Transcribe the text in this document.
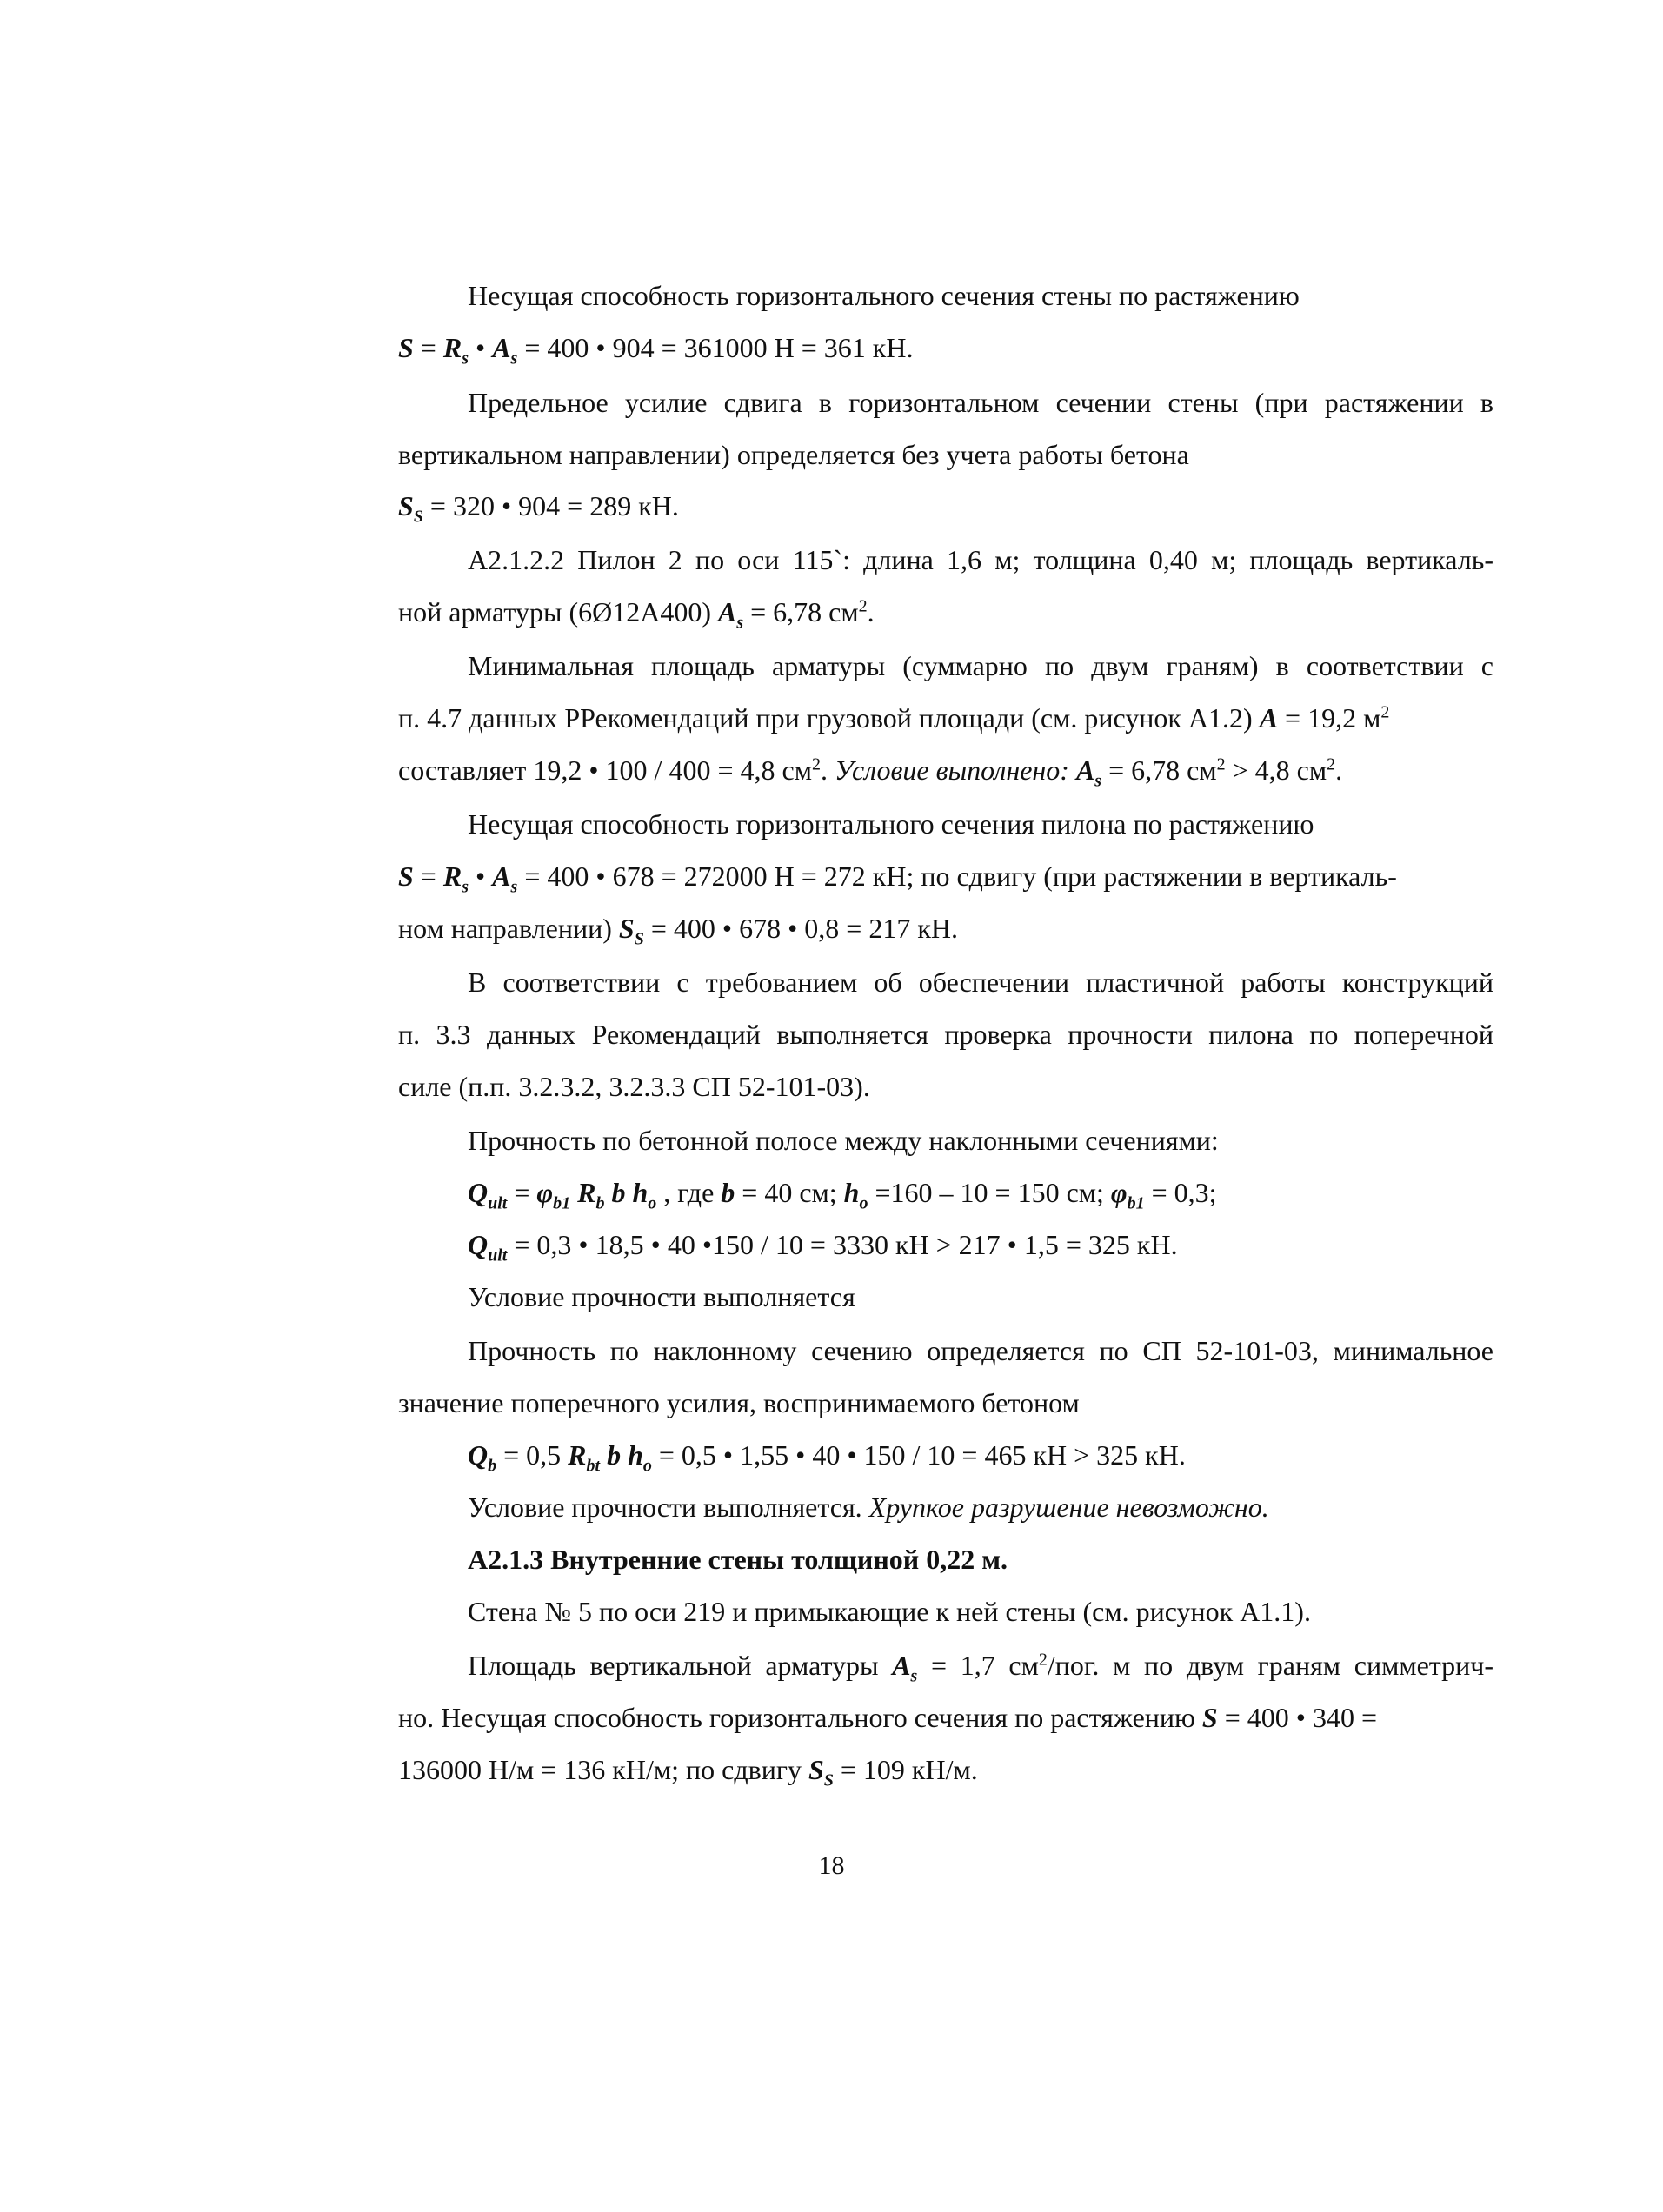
Несущая способность горизонтального сечения стены по растяжению
$S = R_s$ • $A_s = 400$ • 904 = 361000 Н = 361 кН.
Предельное усилие сдвига в горизонтальном сечении стены (при растяжении в
вертикальном направлении) определяется без учета работы бетона
$S_S = 320$ • 904 = 289 кН.
А2.1.2.2 Пилон 2 по оси 115`: длина 1,6 м; толщина 0,40 м; площадь вертикаль-
ной арматуры (6Ø12А400) $A_s = 6,78$ $см^2$.
Минимальная площадь арматуры (суммарно по двум граням) в соответствии с
п. 4.7 данных РРекомендаций при грузовой площади (см. рисунок А1.2) A = 19,2 $м^2$
составляет 19,2 • 100 / 400 = 4,8 $см^2$. Условие выполнено: $A_s = 6,78$ $см^2 > 4,8$ $см^2$.
Несущая способность горизонтального сечения пилона по растяжению
$S = R_s$ • $A_s = 400$ • 678 = 272000 Н = 272 кН; по сдвигу (при растяжении в вертикаль-
ном направлении) $S_S = 400$ • 678 • 0,8 = 217 кН.
В соответствии с требованием об обеспечении пластичной работы конструкций
п. 3.3 данных Рекомендаций выполняется проверка прочности пилона по поперечной
силе (п.п. 3.2.3.2, 3.2.3.3 СП 52-101-03).
Прочность по бетонной полосе между наклонными сечениями:
$Q_{ult} = \varphi_{b1}$ $R_b$ b $h_o$ , где b = 40 см; $h_o =160 - 10 = 150$ см; $\varphi_{b1} = 0,3$;
$Q_{ult} = 0,3$ • 18,5 • 40 •150 / 10 = 3330 кН > 217 • 1,5 = 325 кН.
Условие прочности выполняется
Прочность по наклонному сечению определяется по СП 52-101-03, минимальное
значение поперечного усилия, воспринимаемого бетоном
$Q_b = 0,5$ $R_{bt}$ b $h_o = 0,5$ • 1,55 • 40 • 150 / 10 = 465 кН > 325 кН.
Условие прочности выполняется. Хрупкое разрушение невозможно.
А2.1.3 Внутренние стены толщиной 0,22 м.
Стена № 5 по оси 219 и примыкающие к ней стены (см. рисунок А1.1).
Площадь вертикальной арматуры $A_s = 1,7$ $см^2$/пог. м по двум граням симметрич-
но. Несущая способность горизонтального сечения по растяжению S = 400 • 340 =
136000 Н/м = 136 кН/м; по сдвигу $S_S = 109$ кН/м.
18
